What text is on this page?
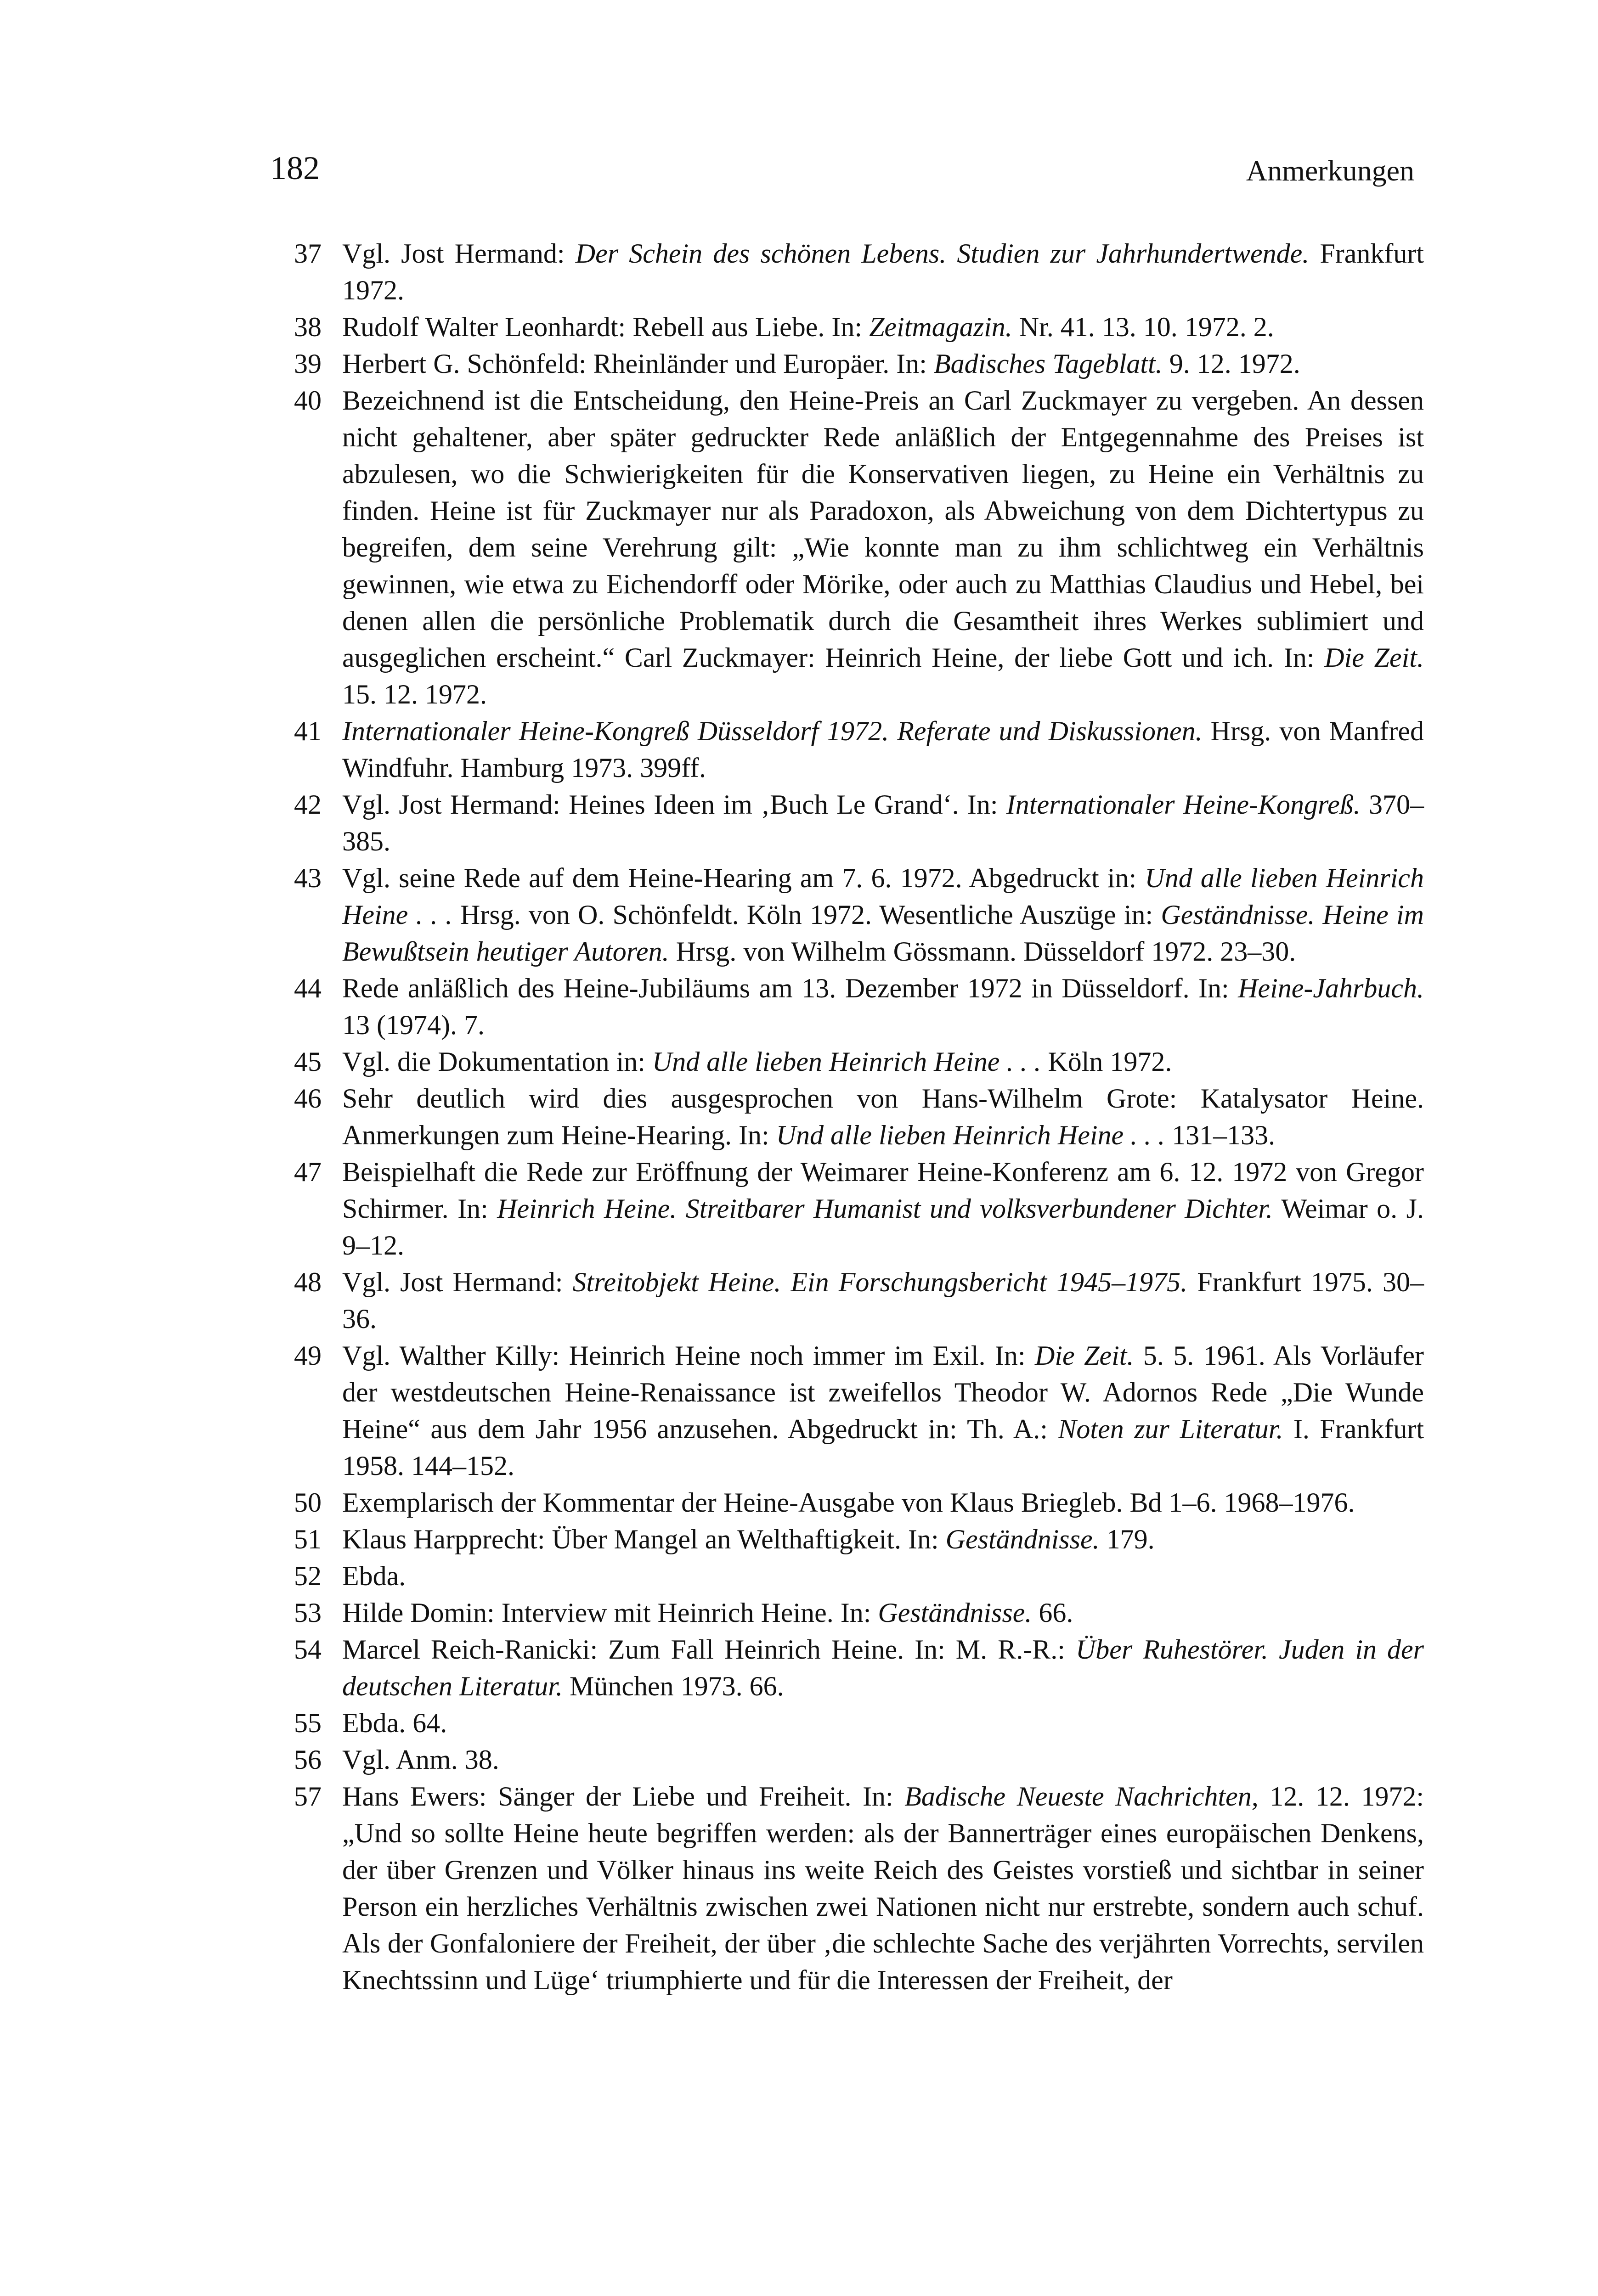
182	Anmerkungen
37 Vgl. Jost Hermand: Der Schein des schönen Lebens. Studien zur Jahrhundertwende. Frankfurt 1972.
38 Rudolf Walter Leonhardt: Rebell aus Liebe. In: Zeitmagazin. Nr. 41. 13. 10. 1972. 2.
39 Herbert G. Schönfeld: Rheinländer und Europäer. In: Badisches Tageblatt. 9. 12. 1972.
40 Bezeichnend ist die Entscheidung, den Heine-Preis an Carl Zuckmayer zu vergeben. An dessen nicht gehaltener, aber später gedruckter Rede anläßlich der Entgegennahme des Preises ist abzulesen, wo die Schwierigkeiten für die Konservativen liegen, zu Heine ein Verhältnis zu finden. Heine ist für Zuckmayer nur als Paradoxon, als Abweichung von dem Dichtertypus zu begreifen, dem seine Verehrung gilt: „Wie konnte man zu ihm schlichtweg ein Verhältnis gewinnen, wie etwa zu Eichendorff oder Mörike, oder auch zu Matthias Claudius und Hebel, bei denen allen die persönliche Problematik durch die Gesamtheit ihres Werkes sublimiert und ausgeglichen erscheint.“ Carl Zuckmayer: Heinrich Heine, der liebe Gott und ich. In: Die Zeit. 15. 12. 1972.
41 Internationaler Heine-Kongreß Düsseldorf 1972. Referate und Diskussionen. Hrsg. von Manfred Windfuhr. Hamburg 1973. 399ff.
42 Vgl. Jost Hermand: Heines Ideen im ‚Buch Le Grand‘. In: Internationaler Heine-Kongreß. 370–385.
43 Vgl. seine Rede auf dem Heine-Hearing am 7. 6. 1972. Abgedruckt in: Und alle lieben Heinrich Heine . . . Hrsg. von O. Schönfeldt. Köln 1972. Wesentliche Auszüge in: Geständnisse. Heine im Bewußtsein heutiger Autoren. Hrsg. von Wilhelm Gössmann. Düsseldorf 1972. 23–30.
44 Rede anläßlich des Heine-Jubiläums am 13. Dezember 1972 in Düsseldorf. In: Heine-Jahrbuch. 13 (1974). 7.
45 Vgl. die Dokumentation in: Und alle lieben Heinrich Heine . . . Köln 1972.
46 Sehr deutlich wird dies ausgesprochen von Hans-Wilhelm Grote: Katalysator Heine. Anmerkungen zum Heine-Hearing. In: Und alle lieben Heinrich Heine . . . 131–133.
47 Beispielhaft die Rede zur Eröffnung der Weimarer Heine-Konferenz am 6. 12. 1972 von Gregor Schirmer. In: Heinrich Heine. Streitbarer Humanist und volksverbundener Dichter. Weimar o. J. 9–12.
48 Vgl. Jost Hermand: Streitobjekt Heine. Ein Forschungsbericht 1945–1975. Frankfurt 1975. 30–36.
49 Vgl. Walther Killy: Heinrich Heine noch immer im Exil. In: Die Zeit. 5. 5. 1961. Als Vorläufer der westdeutschen Heine-Renaissance ist zweifellos Theodor W. Adornos Rede „Die Wunde Heine“ aus dem Jahr 1956 anzusehen. Abgedruckt in: Th. A.: Noten zur Literatur. I. Frankfurt 1958. 144–152.
50 Exemplarisch der Kommentar der Heine-Ausgabe von Klaus Briegleb. Bd 1–6. 1968–1976.
51 Klaus Harpprecht: Über Mangel an Welthaftigkeit. In: Geständnisse. 179.
52 Ebda.
53 Hilde Domin: Interview mit Heinrich Heine. In: Geständnisse. 66.
54 Marcel Reich-Ranicki: Zum Fall Heinrich Heine. In: M. R.-R.: Über Ruhestörer. Juden in der deutschen Literatur. München 1973. 66.
55 Ebda. 64.
56 Vgl. Anm. 38.
57 Hans Ewers: Sänger der Liebe und Freiheit. In: Badische Neueste Nachrichten, 12. 12. 1972: „Und so sollte Heine heute begriffen werden: als der Bannerträger eines europäischen Denkens, der über Grenzen und Völker hinaus ins weite Reich des Geistes vorstieß und sichtbar in seiner Person ein herzliches Verhältnis zwischen zwei Nationen nicht nur erstrebte, sondern auch schuf. Als der Gonfaloniere der Freiheit, der über ‚die schlechte Sache des verjährten Vorrechts, servilen Knechtssinn und Lüge‘ triumphierte und für die Interessen der Freiheit, der
